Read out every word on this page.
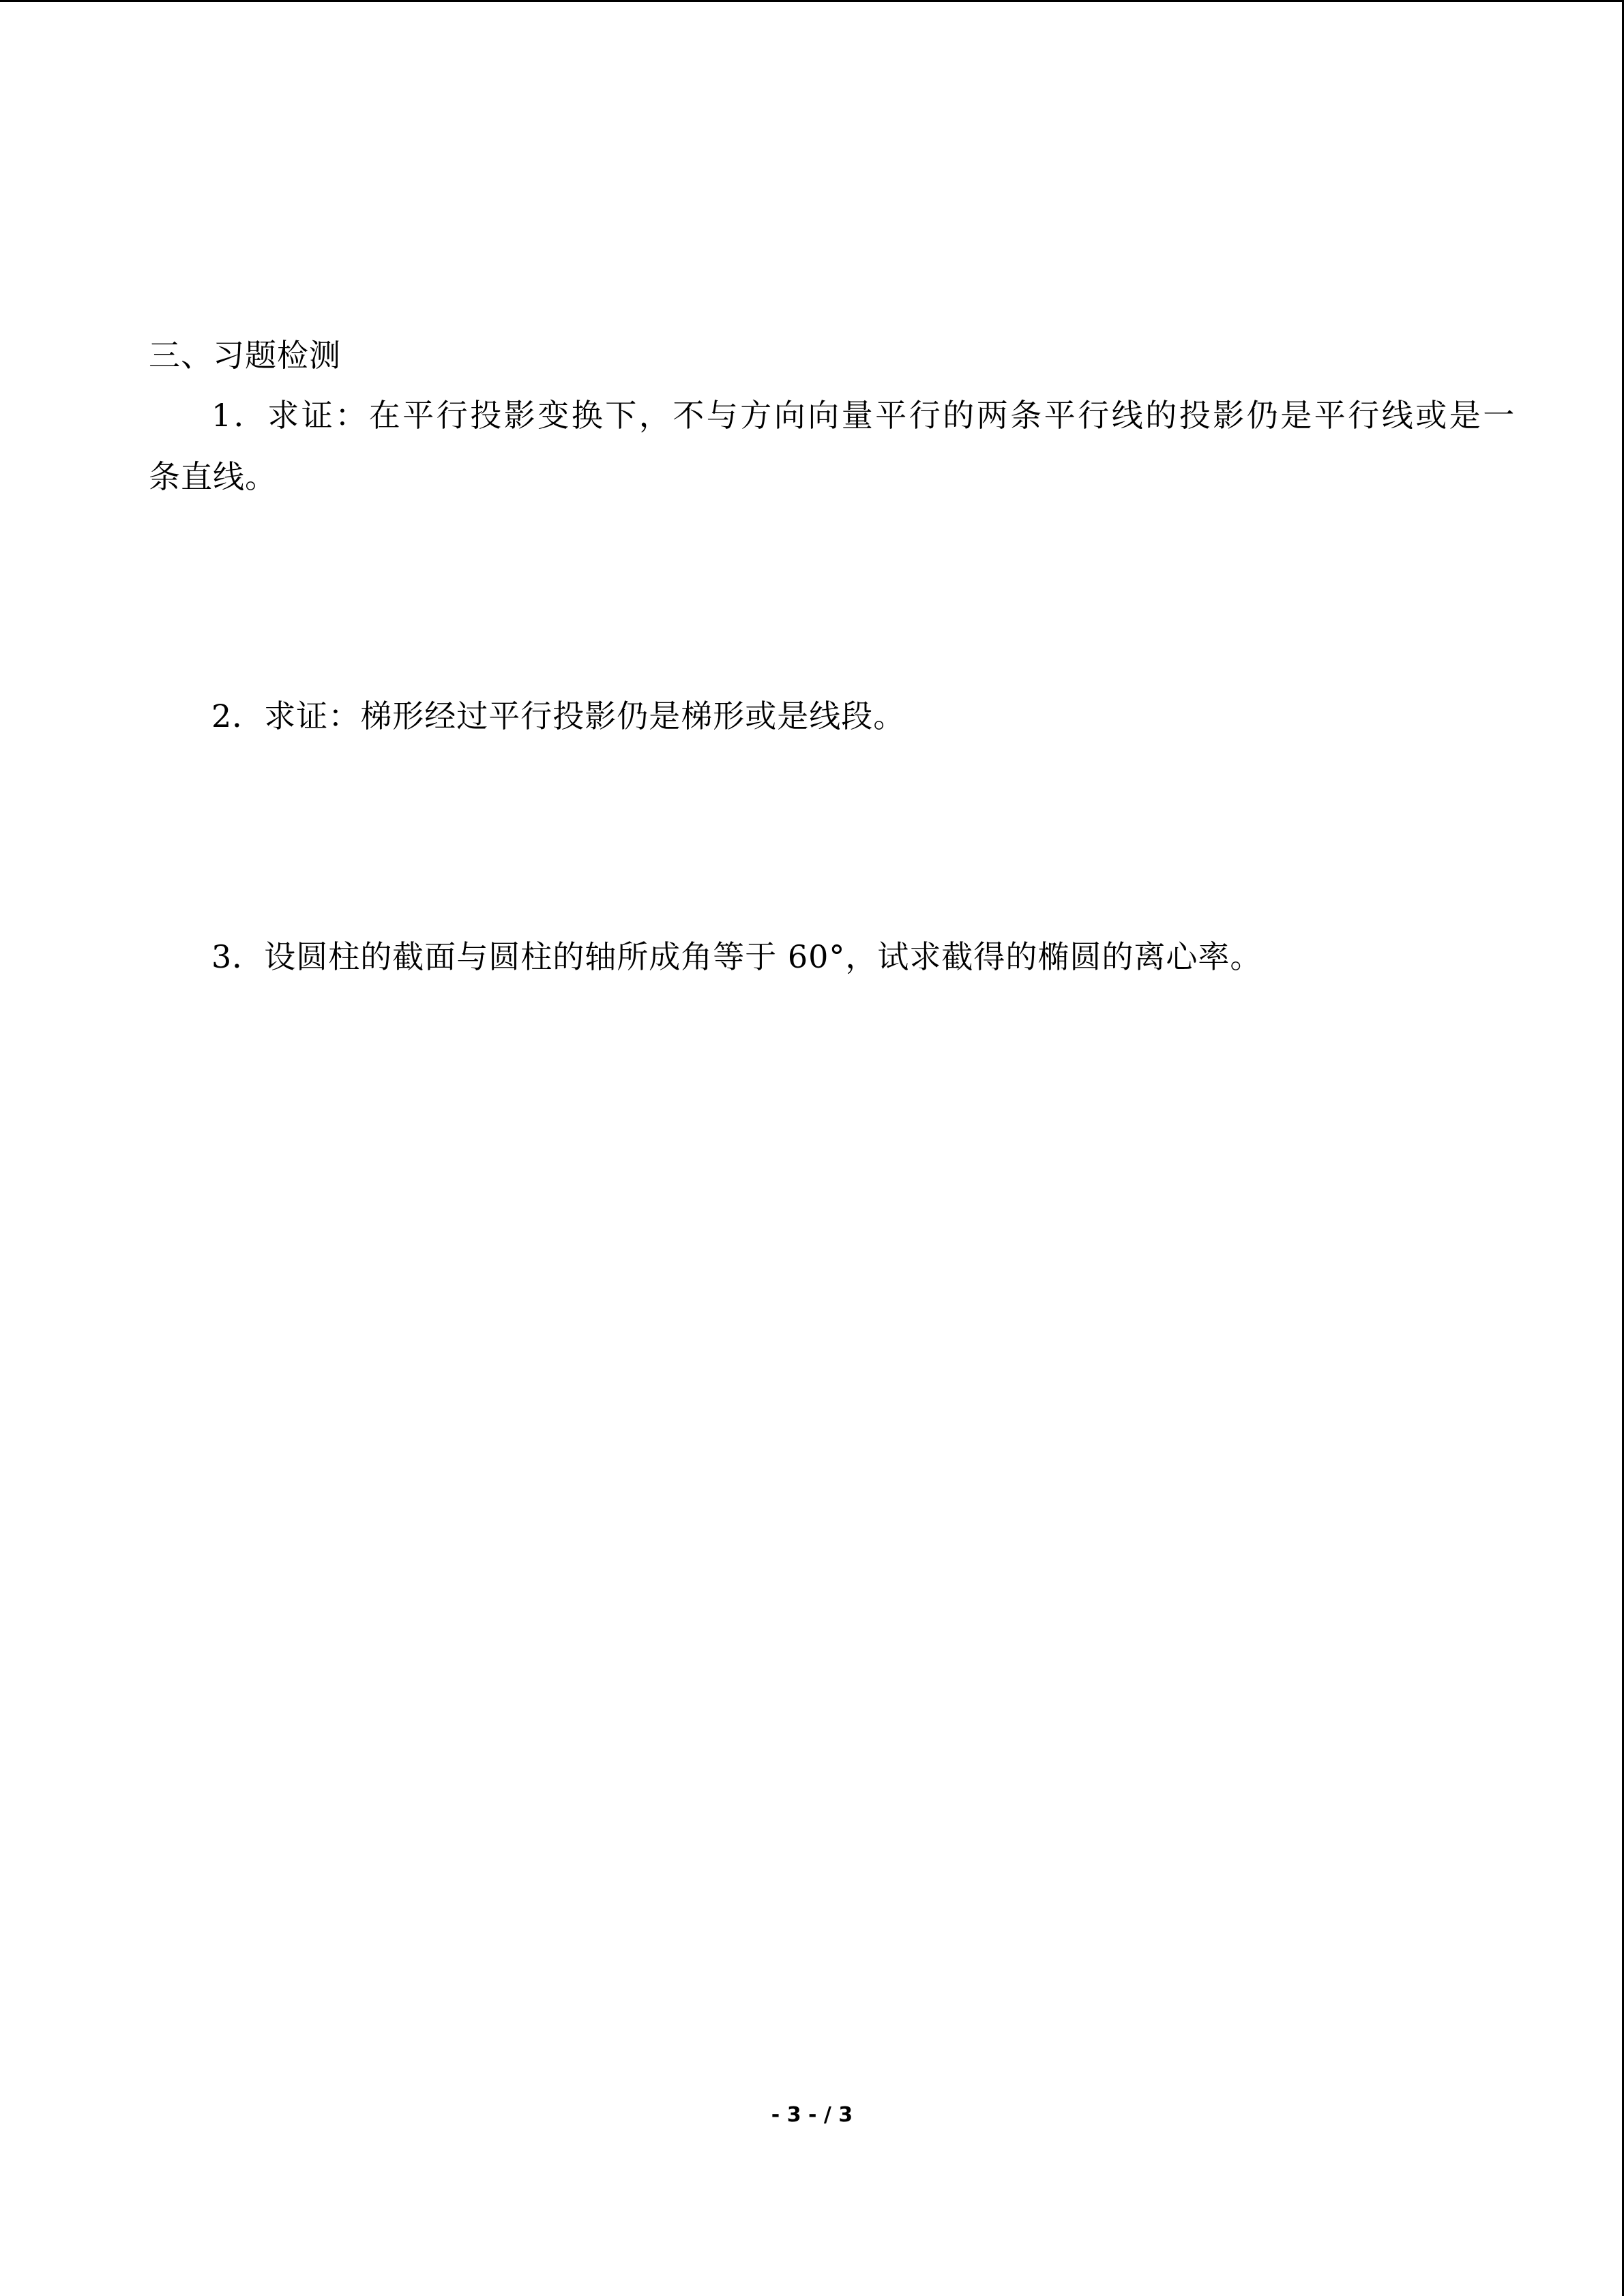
三、习题检测
1．求证：在平行投影变换下，不与方向向量平行的两条平行线的投影仍是平行线或是一
条直线。
2．求证：梯形经过平行投影仍是梯形或是线段。
3．设圆柱的截面与圆柱的轴所成角等于 60°，试求截得的椭圆的离心率。
- 3 - / 3
